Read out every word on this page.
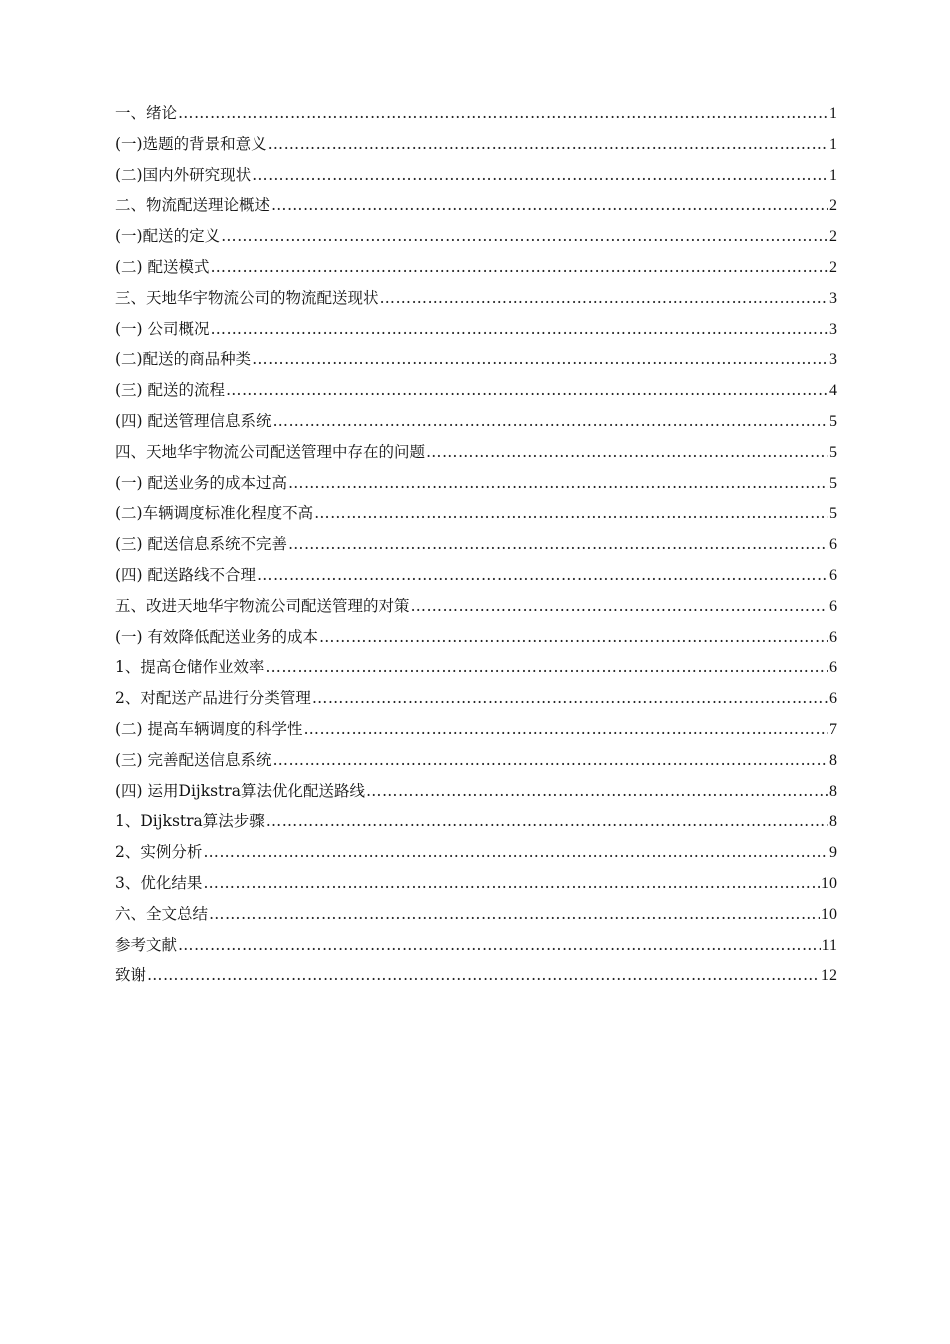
一、绪论 …………………………………………………………………………………………………………………………………………………………………………………………………………………………………………………	1
(一)选题的背景和意义 …………………………………………………………………………………………………………………………………………………………………………………………………………………………………………………	1
(二)国内外研究现状 …………………………………………………………………………………………………………………………………………………………………………………………………………………………………………………	1
二、物流配送理论概述 …………………………………………………………………………………………………………………………………………………………………………………………………………………………………………………	2
(一)配送的定义 …………………………………………………………………………………………………………………………………………………………………………………………………………………………………………………	2
(二) 配送模式 …………………………………………………………………………………………………………………………………………………………………………………………………………………………………………………	2
三、天地华宇物流公司的物流配送现状 …………………………………………………………………………………………………………………………………………………………………………………………………………………………………………………	3
(一) 公司概况 …………………………………………………………………………………………………………………………………………………………………………………………………………………………………………………	3
(二)配送的商品种类 …………………………………………………………………………………………………………………………………………………………………………………………………………………………………………………	3
(三) 配送的流程 …………………………………………………………………………………………………………………………………………………………………………………………………………………………………………………	4
(四) 配送管理信息系统 …………………………………………………………………………………………………………………………………………………………………………………………………………………………………………………	5
四、天地华宇物流公司配送管理中存在的问题 …………………………………………………………………………………………………………………………………………………………………………………………………………………………………………………	5
(一) 配送业务的成本过高 …………………………………………………………………………………………………………………………………………………………………………………………………………………………………………………	5
(二)车辆调度标准化程度不高 …………………………………………………………………………………………………………………………………………………………………………………………………………………………………………………	5
(三) 配送信息系统不完善 …………………………………………………………………………………………………………………………………………………………………………………………………………………………………………………	6
(四) 配送路线不合理 …………………………………………………………………………………………………………………………………………………………………………………………………………………………………………………	6
五、改进天地华宇物流公司配送管理的对策 …………………………………………………………………………………………………………………………………………………………………………………………………………………………………………………	6
(一) 有效降低配送业务的成本 …………………………………………………………………………………………………………………………………………………………………………………………………………………………………………………	6
1、提高仓储作业效率 …………………………………………………………………………………………………………………………………………………………………………………………………………………………………………………	6
2、对配送产品进行分类管理 …………………………………………………………………………………………………………………………………………………………………………………………………………………………………………………	6
(二) 提高车辆调度的科学性 …………………………………………………………………………………………………………………………………………………………………………………………………………………………………………………	7
(三) 完善配送信息系统 …………………………………………………………………………………………………………………………………………………………………………………………………………………………………………………	8
(四) 运用Dijkstra算法优化配送路线 …………………………………………………………………………………………………………………………………………………………………………………………………………………………………………………	8
1、Dijkstra算法步骤 …………………………………………………………………………………………………………………………………………………………………………………………………………………………………………………	8
2、实例分析 …………………………………………………………………………………………………………………………………………………………………………………………………………………………………………………	9
3、优化结果 …………………………………………………………………………………………………………………………………………………………………………………………………………………………………………………	10
六、全文总结 …………………………………………………………………………………………………………………………………………………………………………………………………………………………………………………	10
参考文献 …………………………………………………………………………………………………………………………………………………………………………………………………………………………………………………	11
致谢 …………………………………………………………………………………………………………………………………………………………………………………………………………………………………………………	12
